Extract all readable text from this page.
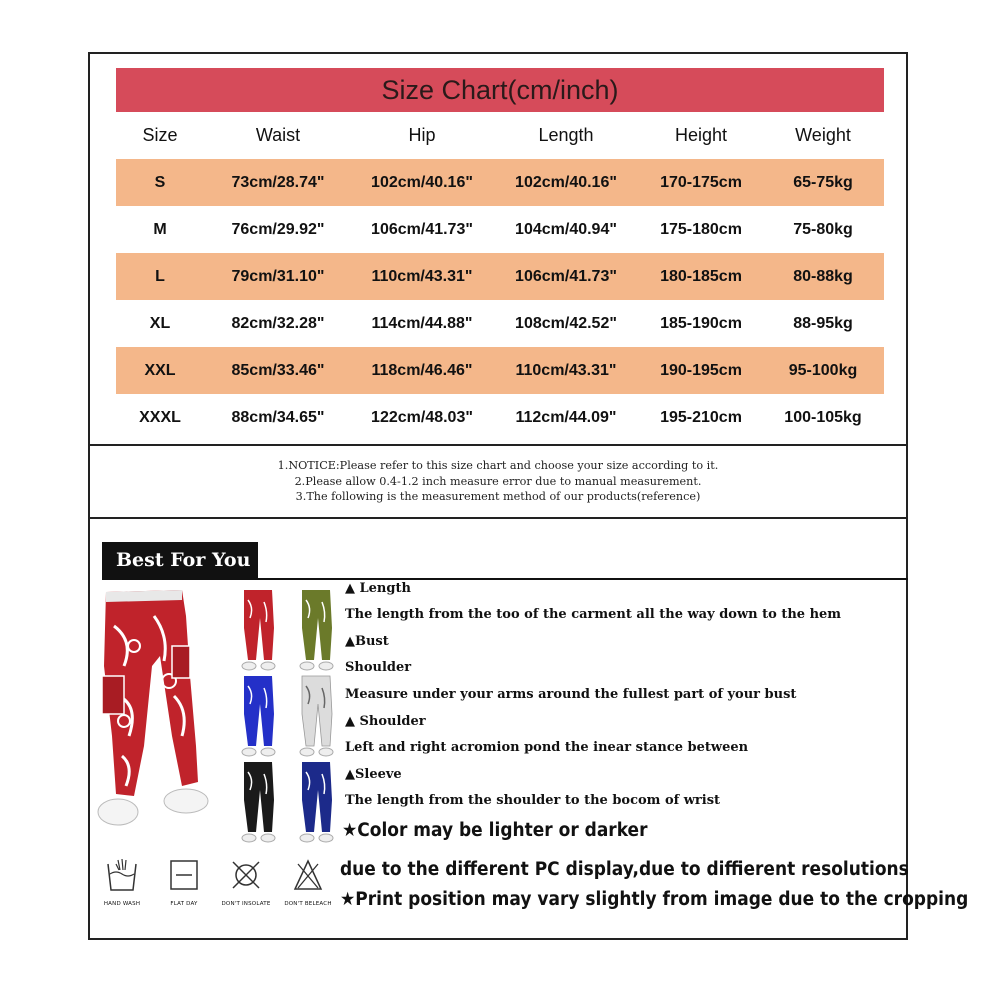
Size Chart(cm/inch)
Size	Waist	Hip	Length	Height	Weight
S	73cm/28.74"	102cm/40.16"	102cm/40.16"	170-175cm	65-75kg
M	76cm/29.92"	106cm/41.73"	104cm/40.94"	175-180cm	75-80kg
L	79cm/31.10"	110cm/43.31"	106cm/41.73"	180-185cm	80-88kg
XL	82cm/32.28"	114cm/44.88"	108cm/42.52"	185-190cm	88-95kg
XXL	85cm/33.46"	118cm/46.46"	110cm/43.31"	190-195cm	95-100kg
XXXL	88cm/34.65"	122cm/48.03"	112cm/44.09"	195-210cm	100-105kg
1.NOTICE:Please refer to this size chart and choose your size according to it.
2.Please allow 0.4-1.2 inch measure error due to manual measurement.
3.The following is the measurement method of our products(reference)
Best For You
HAND WASH	FLAT DAY	DON'T INSOLATE	DON'T BELEACH
▲ Length
The length from the too of the carment all the way down to the hem
▲Bust
Shoulder
Measure under your arms around the fullest part of your bust
▲ Shoulder
Left and right acromion pond the inear stance between
▲Sleeve
The length from the shoulder to the bocom of wrist
★Color may be lighter or darker
due to the different PC display,due to diffierent resolutions
★Print position may vary slightly from image due to the cropping
